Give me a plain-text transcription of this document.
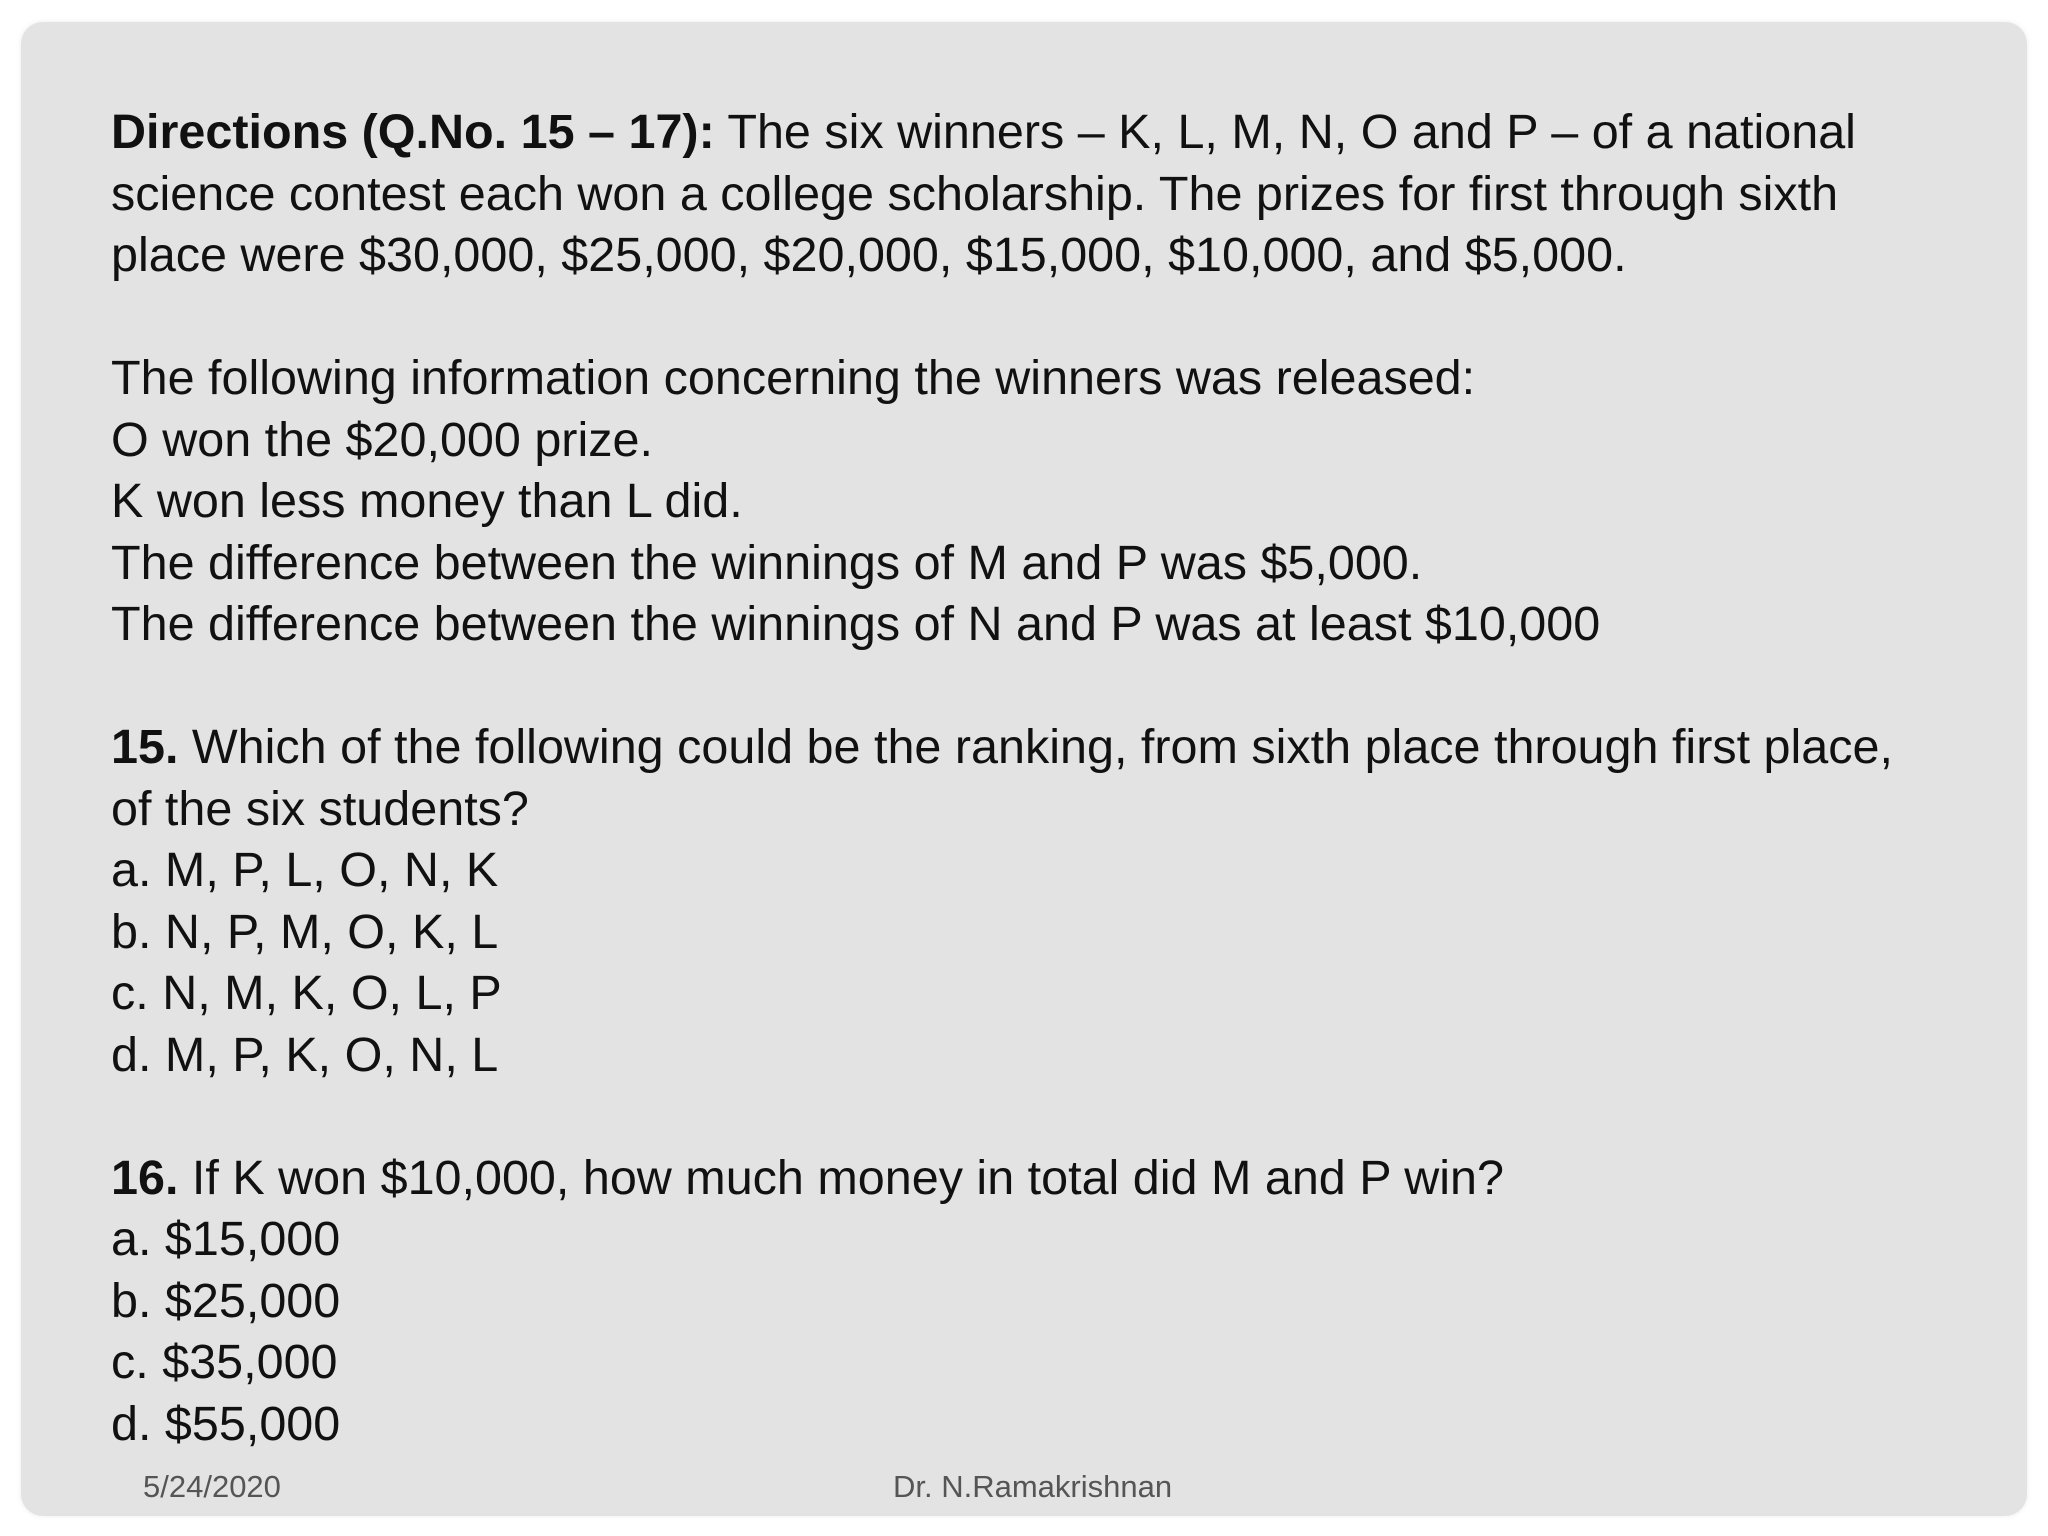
Directions (Q.No. 15 – 17): The six winners – K, L, M, N, O and P – of a national
science contest each won a college scholarship. The prizes for first through sixth
place were $30,000, $25,000, $20,000, $15,000, $10,000, and $5,000.
The following information concerning the winners was released:
O won the $20,000 prize.
K won less money than L did.
The difference between the winnings of M and P was $5,000.
The difference between the winnings of N and P was at least $10,000
15. Which of the following could be the ranking, from sixth place through first place,
of the six students?
a. M, P, L, O, N, K
b. N, P, M, O, K, L
c. N, M, K, O, L, P
d. M, P, K, O, N, L
16. If K won $10,000, how much money in total did M and P win?
a. $15,000
b. $25,000
c. $35,000
d. $55,000
5/24/2020	Dr. N.Ramakrishnan
